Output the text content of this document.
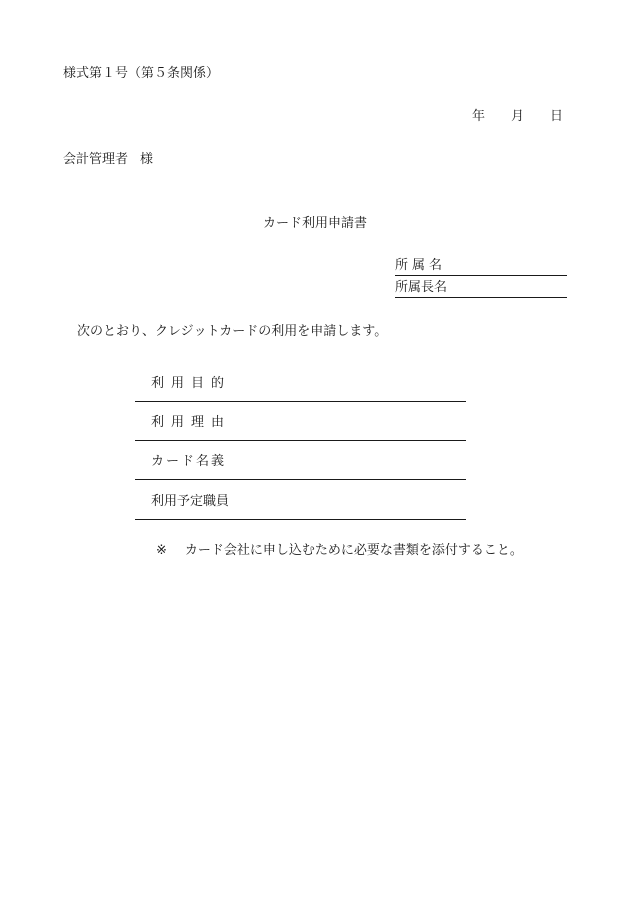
様式第１号（第５条関係）
年 月 日
会計管理者 様
カード利用申請書
所属名
所属長名
次のとおり、クレジットカードの利用を申請します。
利用目的
利用理由
カード名義
利用予定職員
※ カード会社に申し込むために必要な書類を添付すること。
